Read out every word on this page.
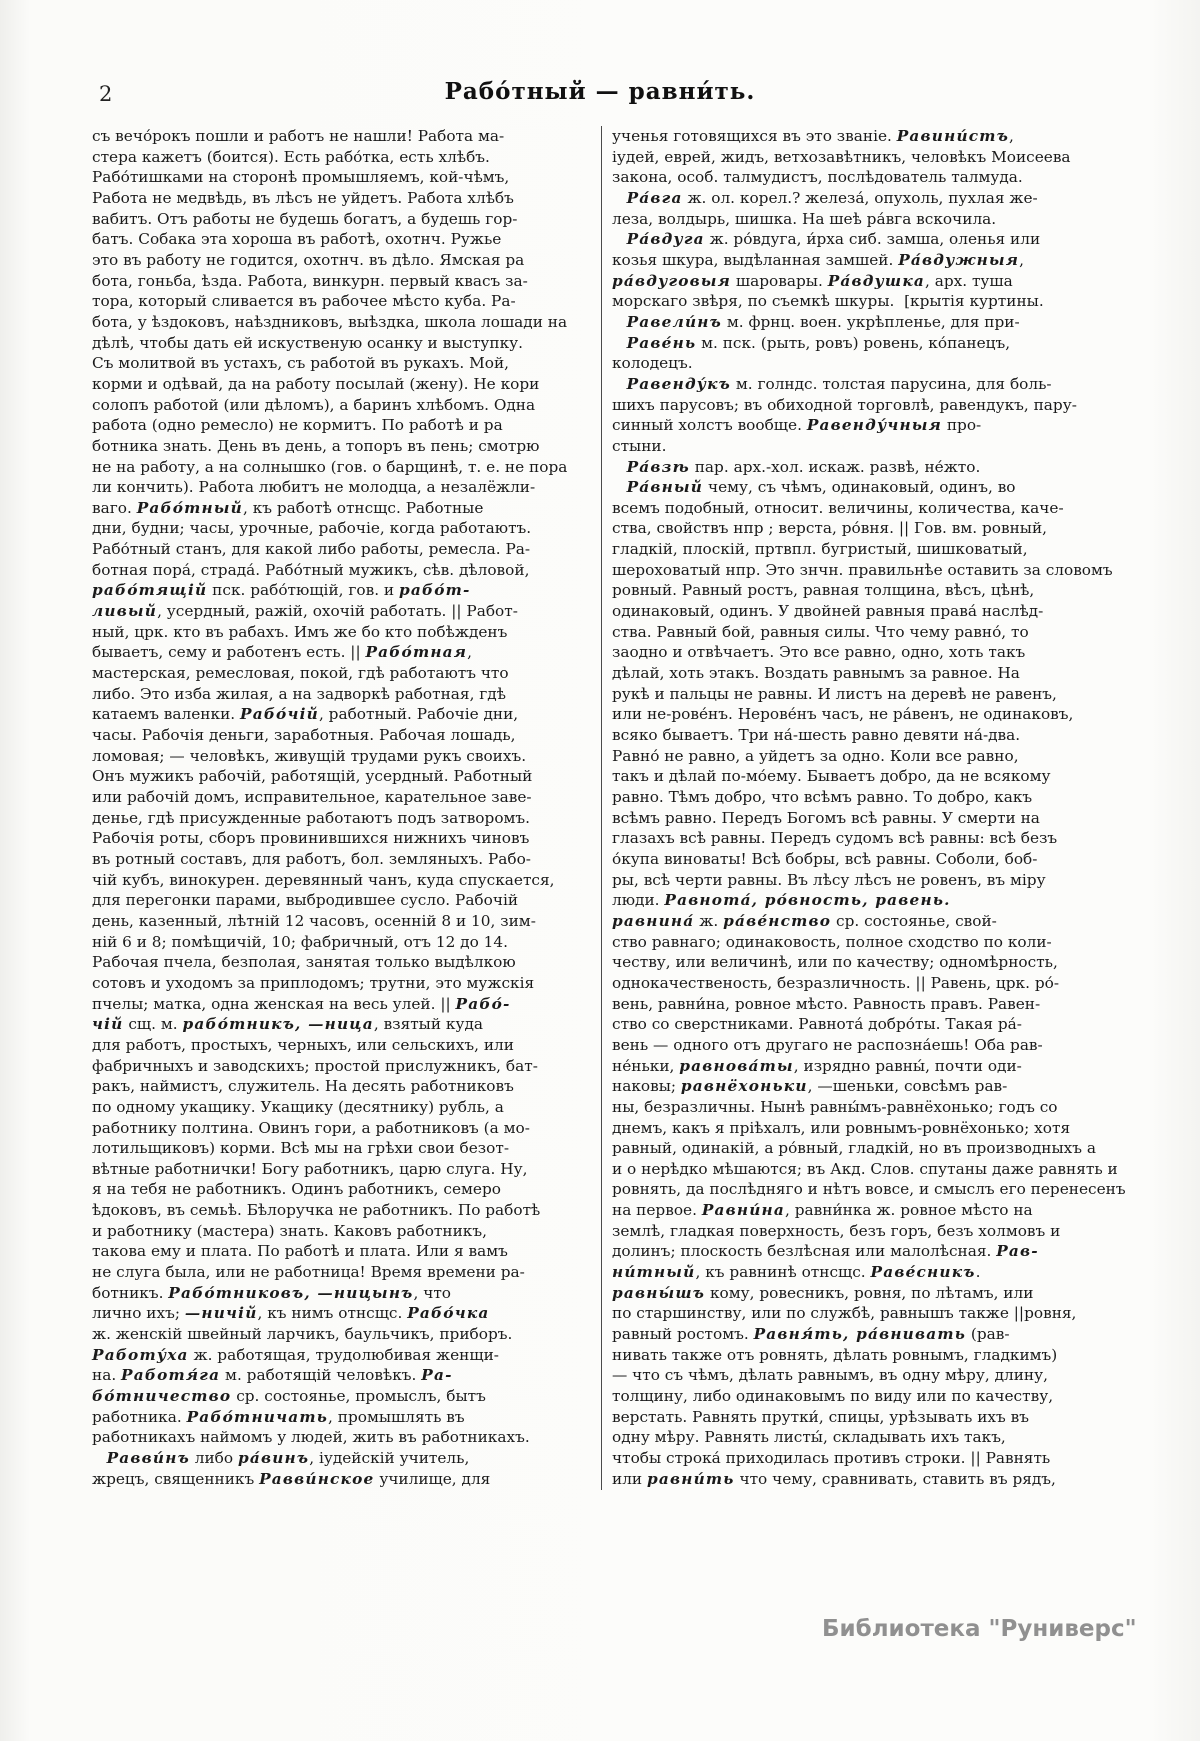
2	Рабо́тный — равни́ть.
съ вечо́рокъ пошли и работъ не нашли! Работа ма-
стера кажетъ (боится). Есть рабо́тка, есть хлѣбъ.
Рабо́тишками на сторонѣ промышляемъ, кой-чѣмъ,
Работа не медвѣдь, въ лѣсъ не уйдетъ. Работа хлѣбъ
вабитъ. Отъ работы не будешь богатъ, а будешь гор-
батъ. Собака эта хороша въ работѣ, охотнч. Ружье
это въ работу не годится, охотнч. въ дѣло. Ямская ра
бота, гоньба, ѣзда. Работа, винкурн. первый квасъ за-
тора, который сливается въ рабочее мѣсто куба. Ра-
бота, у ѣздоковъ, наѣздниковъ, выѣздка, школа лошади на
дѣлѣ, чтобы дать ей искуственую осанку и выступку.
Съ молитвой въ устахъ, съ работой въ рукахъ. Мой,
корми и одѣвай, да на работу посылай (жену). Не кори
солопъ работой (или дѣломъ), а баринъ хлѣбомъ. Одна
работа (одно ремесло) не кормитъ. По работѣ и ра
ботника знать. День въ день, а топоръ въ пень; смотрю
не на работу, а на солнышко (гов. о барщинѣ, т. е. не пора
ли кончить). Работа любитъ не молодца, а незалёжли-
ваго. Рабо́тный, къ работѣ отнсщс. Работные
дни, будни; часы, урочные, рабочіе, когда работаютъ.
Рабо́тный станъ, для какой либо работы, ремесла. Ра-
ботная пора́, страда́. Рабо́тный мужикъ, сѣв. дѣловой,
рабо́тящій пск. рабо́тющій, гов. и рабо́т-
ливый, усердный, ражій, охочій работать. || Работ-
ный, црк. кто въ рабахъ. Имъ же бо кто побѣжденъ
бываетъ, сему и работенъ есть. || Рабо́тная,
мастерская, ремесловая, покой, гдѣ работаютъ что
либо. Это изба жилая, а на задворкѣ работная, гдѣ
катаемъ валенки. Рабо́чій, работный. Рабочіе дни,
часы. Рабочія деньги, заработныя. Рабочая лошадь,
ломовая; — человѣкъ, живущій трудами рукъ своихъ.
Онъ мужикъ рабочій, работящій, усердный. Работный
или рабочій домъ, исправительное, карательное заве-
денье, гдѣ присужденные работаютъ подъ затворомъ.
Рабочія роты, сборъ провинившихся нижнихъ чиновъ
въ ротный составъ, для работъ, бол. земляныхъ. Рабо-
чій кубъ, винокурен. деревянный чанъ, куда спускается,
для перегонки парами, выбродившее сусло. Рабочій
день, казенный, лѣтній 12 часовъ, осенній 8 и 10, зим-
ній 6 и 8; помѣщичій, 10; фабричный, отъ 12 до 14.
Рабочая пчела, безполая, занятая только выдѣлкою
сотовъ и уходомъ за приплодомъ; трутни, это мужскія
пчелы; матка, одна женская на весь улей. || Рабо́-
чій сщ. м. рабо́тникъ, —ница, взятый куда
для работъ, простыхъ, черныхъ, или сельскихъ, или
фабричныхъ и заводскихъ; простой прислужникъ, бат-
ракъ, наймистъ, служитель. На десять работниковъ
по одному укащику. Укащику (десятнику) рубль, а
работнику полтина. Овинъ гори, а работниковъ (а мо-
лотильщиковъ) корми. Всѣ мы на грѣхи свои безот-
вѣтные работнички! Богу работникъ, царю слуга. Ну,
я на тебя не работникъ. Одинъ работникъ, семеро
ѣдоковъ, въ семьѣ. Бѣлоручка не работникъ. По работѣ
и работнику (мастера) знать. Каковъ работникъ,
такова ему и плата. По работѣ и плата. Или я вамъ
не слуга была, или не работница! Время времени ра-
ботникъ. Рабо́тниковъ, —ницынъ, что
лично ихъ; —ничій, къ нимъ отнсщс. Рабо́чка
ж. женскій швейный ларчикъ, баульчикъ, приборъ.
Работу́ха ж. работящая, трудолюбивая женщи-
на. Работя́га м. работящій человѣкъ. Ра-
бо́тничество ср. состоянье, промыслъ, бытъ
работника. Рабо́тничать, промышлять въ
работникахъ наймомъ у людей, жить въ работникахъ.
Равви́нъ либо ра́винъ, іудейскій учитель,
жрецъ, священникъ Равви́нское училище, для
ученья готовящихся въ это званіе. Равини́стъ,
іудей, еврей, жидъ, ветхозавѣтникъ, человѣкъ Моисеева
закона, особ. талмудистъ, послѣдователь талмуда.
Ра́вга ж. ол. корел.? железа́, опухоль, пухлая же-
леза, волдырь, шишка. На шеѣ ра́вга вскочила.
Ра́вдуга ж. ро́вдуга, и́рха сиб. замша, оленья или
козья шкура, выдѣланная замшей. Ра́вдужныя,
ра́вдуговыя шаровары. Ра́вдушка, арх. туша
морскаго звѣря, по съемкѣ шкуры.  [крытія куртины.
Равели́нъ м. фрнц. воен. укрѣпленье, для при-
Раве́нь м. пск. (рыть, ровъ) ровень, ко́панецъ,
колодецъ.
Равенду́къ м. голндс. толстая парусина, для боль-
шихъ парусовъ; въ обиходной торговлѣ, равендукъ, пару-
синный холстъ вообще. Равенду́чныя про-
стыни.
Ра́взѣ пар. арх.-хол. искаж. развѣ, не́жто.
Ра́вный чему, съ чѣмъ, одинаковый, одинъ, во
всемъ подобный, относит. величины, количества, каче-
ства, свойствъ нпр ; верста, ро́вня. || Гов. вм. ровный,
гладкій, плоскій, пртвпл. бугристый, шишковатый,
шероховатый нпр. Это знчн. правильнѣе оставить за словомъ
ровный. Равный ростъ, равная толщина, вѣсъ, цѣнѣ,
одинаковый, одинъ. У двойней равныя права́ наслѣд-
ства. Равный бой, равныя силы. Что чему равно́, то
заодно и отвѣчаетъ. Это все равно, одно, хоть такъ
дѣлай, хоть этакъ. Воздать равнымъ за равное. На
рукѣ и пальцы не равны. И листъ на деревѣ не равенъ,
или не-рове́нъ. Нерове́нъ часъ, не ра́венъ, не одинаковъ,
всяко бываетъ. Три на́-шесть равно девяти на́-два.
Равно́ не равно, а уйдетъ за одно. Коли все равно,
такъ и дѣлай по-мо́ему. Бываетъ добро, да не всякому
равно. Тѣмъ добро, что всѣмъ равно. То добро, какъ
всѣмъ равно. Передъ Богомъ всѣ равны. У смерти на
глазахъ всѣ равны. Передъ судомъ всѣ равны: всѣ безъ
о́купа виноваты! Всѣ бобры, всѣ равны. Соболи, боб-
ры, всѣ черти равны. Въ лѣсу лѣсъ не ровенъ, въ міру
люди. Равнота́, ро́вность, равень.
равнина́ ж. ра́ве́нство ср. состоянье, свой-
ство равнаго; одинаковость, полное сходство по коли-
честву, или величинѣ, или по качеству; одномѣрность,
однокачественость, безразличность. || Равень, црк. ро́-
вень, равни́на, ровное мѣсто. Равность правъ. Равен-
ство со сверстниками. Равнота́ добро́ты. Такая ра́-
вень — одного отъ другаго не распозна́ешь! Оба рав-
не́ньки, равнова́ты, изрядно равны́, почти оди-
наковы; равнёхоньки, —шеньки, совсѣмъ рав-
ны, безразличны. Нынѣ равны́мъ-равнёхонько; годъ со
днемъ, какъ я пріѣхалъ, или ровнымъ-ровнёхонько; хотя
равный, одинакій, а ро́вный, гладкій, но въ производныхъ а
и о нерѣдко мѣшаются; въ Акд. Слов. спутаны даже равнять и
ровнять, да послѣдняго и нѣтъ вовсе, и смыслъ его перенесенъ
на первое. Равни́на, равни́нка ж. ровное мѣсто на
землѣ, гладкая поверхность, безъ горъ, безъ холмовъ и
долинъ; плоскость безлѣсная или малолѣсная. Рав-
ни́тный, къ равнинѣ отнсщс. Раве́сникъ.
равны́шъ кому, ровесникъ, ровня, по лѣтамъ, или
по старшинству, или по службѣ, равнышъ также ||ровня,
равный ростомъ. Равня́ть, ра́внивать (рав-
нивать также отъ ровнять, дѣлать ровнымъ, гладкимъ)
— что съ чѣмъ, дѣлать равнымъ, въ одну мѣру, длину,
толщину, либо одинаковымъ по виду или по качеству,
верстать. Равнять прутки́, спицы, урѣзывать ихъ въ
одну мѣру. Равнять листы́, складывать ихъ такъ,
чтобы строка́ приходилась противъ строки. || Равнять
или равни́ть что чему, сравнивать, ставить въ рядъ,
Библиотека "Руниверс"
